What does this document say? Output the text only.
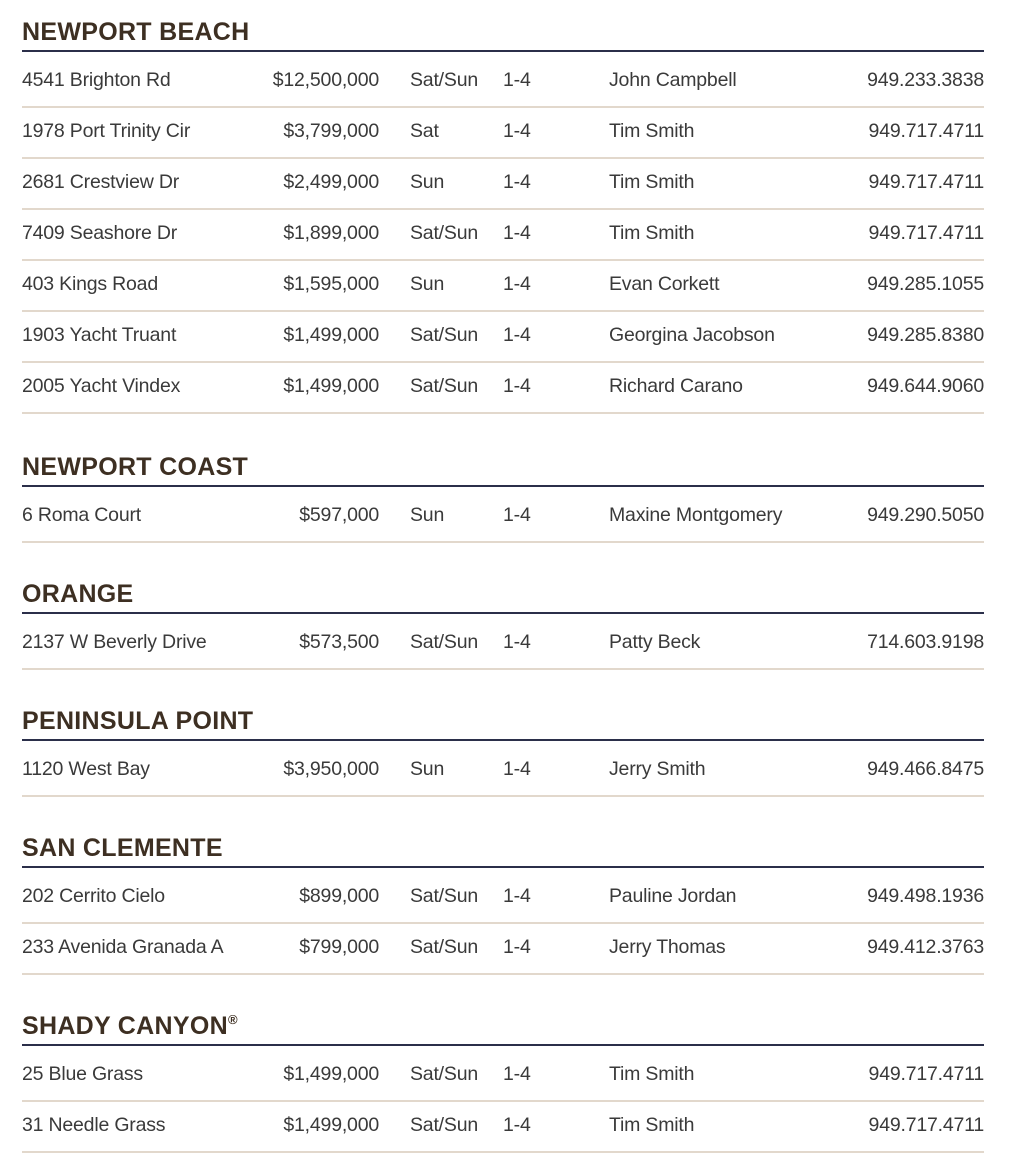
NEWPORT BEACH
4541 Brighton Rd	$12,500,000 Sat/Sun 1-4	John Campbell	949.233.3838
1978 Port Trinity Cir	$3,799,000 Sat	1-4	Tim Smith	949.717.4711
2681 Crestview Dr	$2,499,000 Sun	1-4	Tim Smith	949.717.4711
7409 Seashore Dr	$1,899,000 Sat/Sun 1-4	Tim Smith	949.717.4711
403 Kings Road	$1,595,000 Sun	1-4	Evan Corkett	949.285.1055
1903 Yacht Truant	$1,499,000 Sat/Sun 1-4	Georgina Jacobson	949.285.8380
2005 Yacht Vindex	$1,499,000 Sat/Sun 1-4	Richard Carano	949.644.9060
NEWPORT COAST
6 Roma Court	$597,000 Sun	1-4	Maxine Montgomery	949.290.5050
ORANGE
2137 W Beverly Drive	$573,500 Sat/Sun 1-4	Patty Beck	714.603.9198
PENINSULA POINT
1120 West Bay	$3,950,000 Sun	1-4	Jerry Smith	949.466.8475
SAN CLEMENTE
202 Cerrito Cielo	$899,000 Sat/Sun 1-4	Pauline Jordan	949.498.1936
233 Avenida Granada A	$799,000 Sat/Sun 1-4	Jerry Thomas	949.412.3763
SHADY CANYON®
25 Blue Grass	$1,499,000 Sat/Sun 1-4	Tim Smith	949.717.4711
31 Needle Grass	$1,499,000 Sat/Sun 1-4	Tim Smith	949.717.4711
